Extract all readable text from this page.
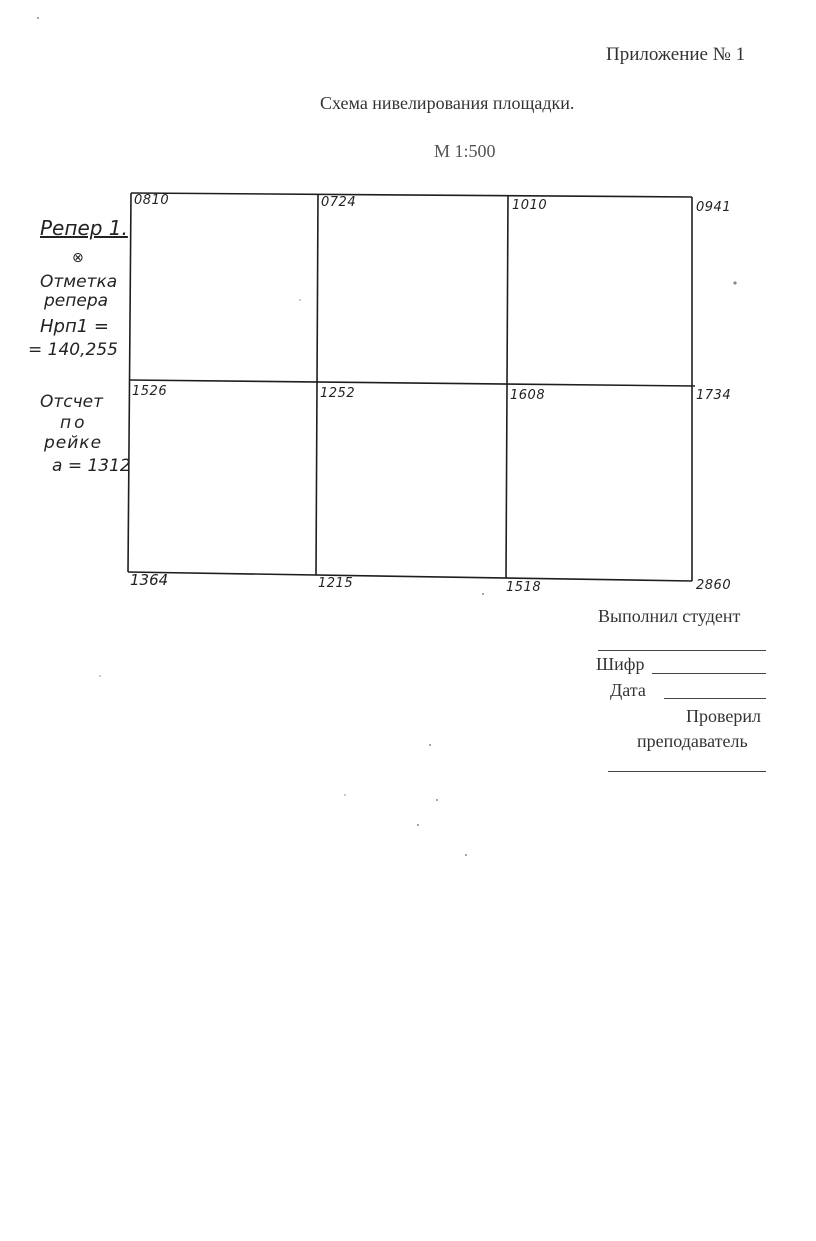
Приложение № 1
Схема нивелирования площадки.
М 1:500
0810	0724	1010	0941
1526	1252	1608	1734
1364	1215	1518	2860
Репер 1.
⊗
Отметка
репера
Hрп1 =
= 140,255
Отсчет
по
рейке
a = 1312
Выполнил студент
Шифр
Дата
Проверил
преподаватель
